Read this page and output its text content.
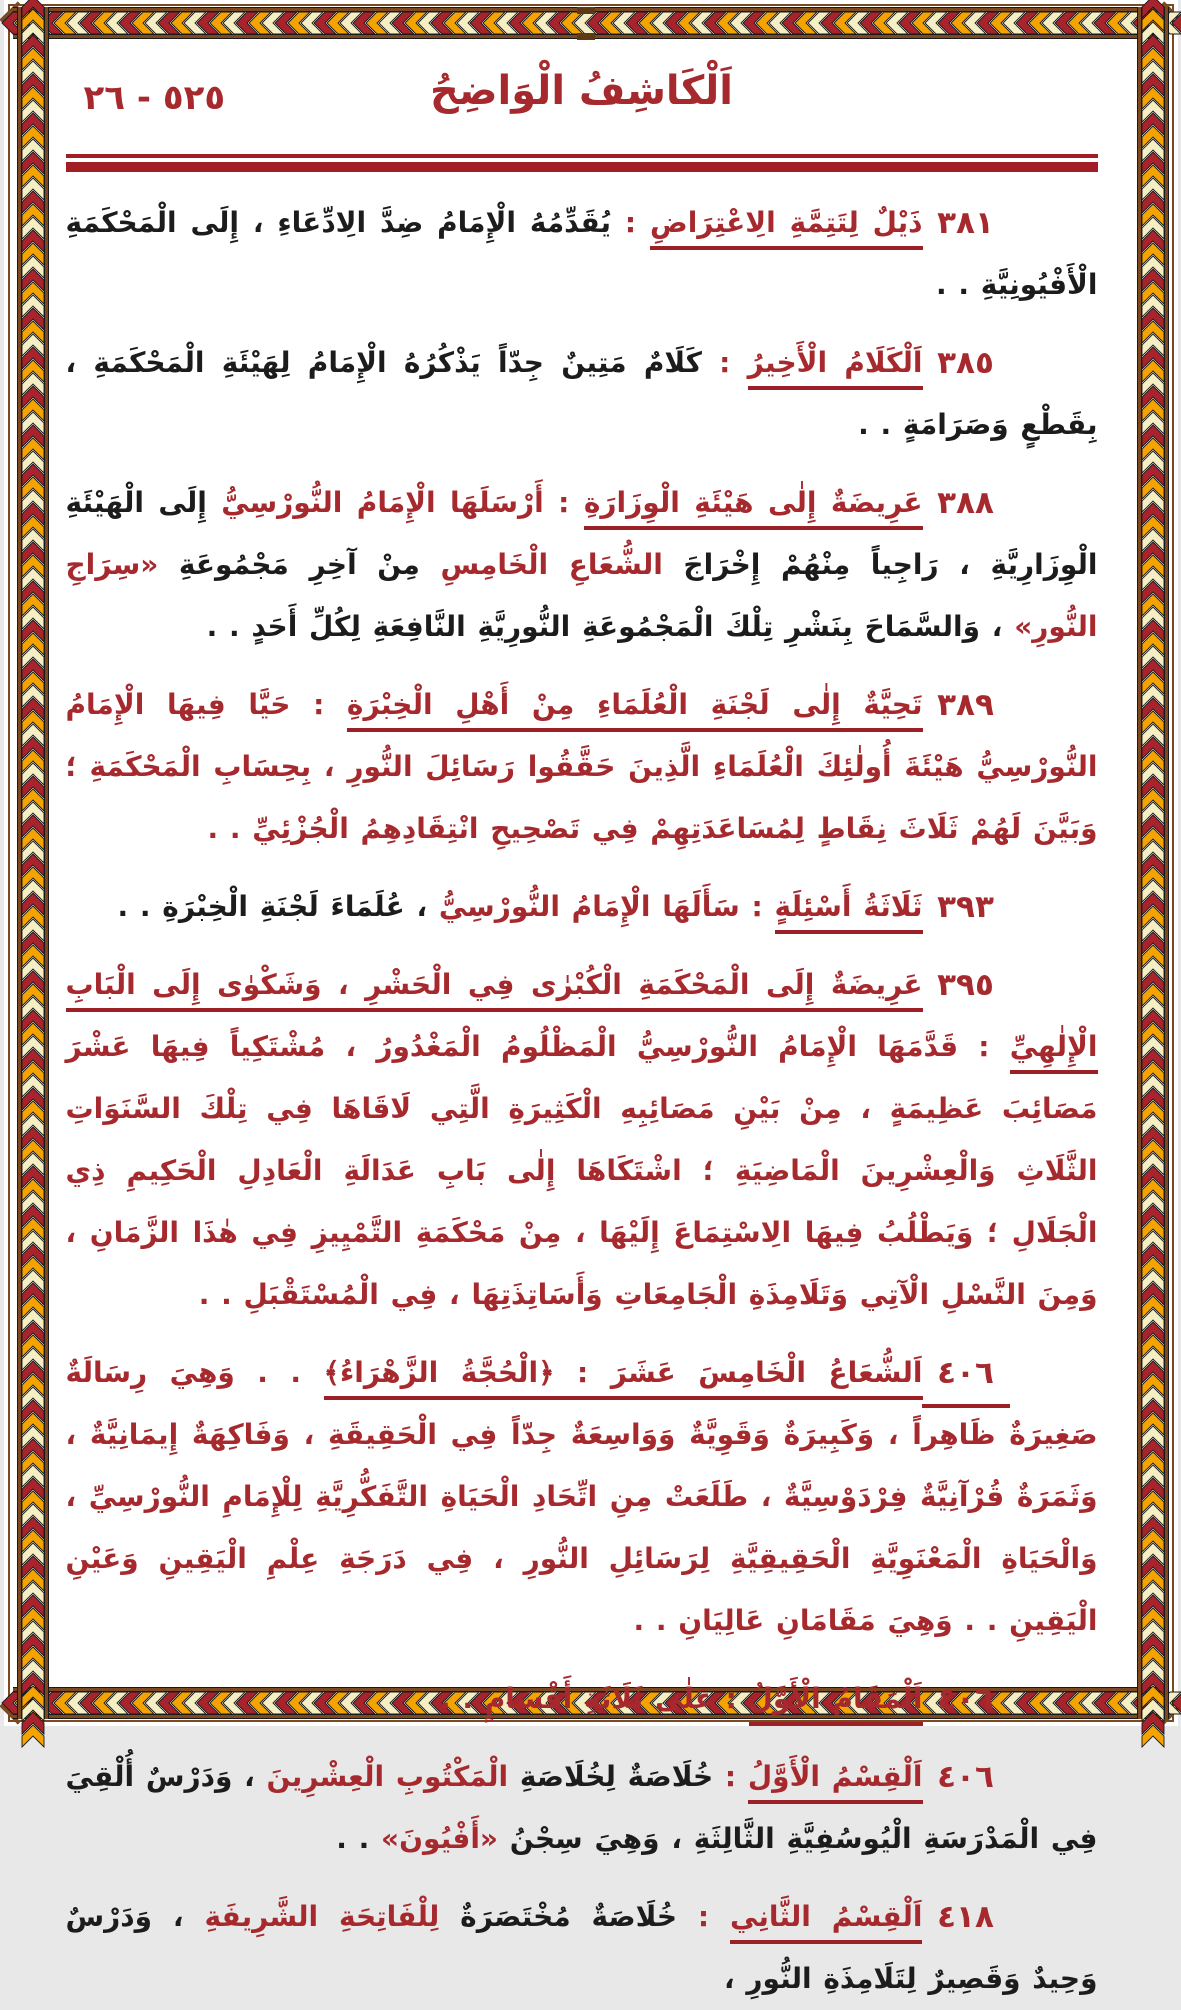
٥٢٥ - ٢٦	اَلْكَاشِفُ الْوَاضِحُ
٣٨١
ذَيْلٌ لِتَتِمَّةِ الِاعْتِرَاضِ : يُقَدِّمُهُ الْإِمَامُ ضِدَّ الِادِّعَاءِ ، إِلَى الْمَحْكَمَةِ الْأَفْيُونِيَّةِ . .
٣٨٥
اَلْكَلَامُ الْأَخِيرُ : كَلَامٌ مَتِينٌ جِدّاً يَذْكُرُهُ الْإِمَامُ لِهَيْئَةِ الْمَحْكَمَةِ ، بِقَطْعٍ وَصَرَامَةٍ . .
٣٨٨
عَرِيضَةٌ إِلٰى هَيْئَةِ الْوِزَارَةِ : أَرْسَلَهَا الْإِمَامُ النُّورْسِيُّ إِلَى الْهَيْئَةِ الْوِزَارِيَّةِ ، رَاجِياً مِنْهُمْ إِخْرَاجَ الشُّعَاعِ الْخَامِسِ مِنْ آخِرِ مَجْمُوعَةِ «سِرَاجِ النُّورِ» ، وَالسَّمَاحَ بِنَشْرِ تِلْكَ الْمَجْمُوعَةِ النُّورِيَّةِ النَّافِعَةِ لِكُلِّ أَحَدٍ . .
٣٨٩
تَحِيَّةٌ إِلٰى لَجْنَةِ الْعُلَمَاءِ مِنْ أَهْلِ الْخِبْرَةِ : حَيَّا فِيهَا الْإِمَامُ النُّورْسِيُّ هَيْئَةَ أُولٰئِكَ الْعُلَمَاءِ الَّذِينَ حَقَّقُوا رَسَائِلَ النُّورِ ، بِحِسَابِ الْمَحْكَمَةِ ؛ وَبَيَّنَ لَهُمْ ثَلَاثَ نِقَاطٍ لِمُسَاعَدَتِهِمْ فِي تَصْحِيحِ انْتِقَادِهِمُ الْجُزْئِيِّ . .
٣٩٣
ثَلَاثَةُ أَسْئِلَةٍ : سَأَلَهَا الْإِمَامُ النُّورْسِيُّ ، عُلَمَاءَ لَجْنَةِ الْخِبْرَةِ . .
٣٩٥
عَرِيضَةٌ إِلَى الْمَحْكَمَةِ الْكُبْرٰى فِي الْحَشْرِ ، وَشَكْوٰى إِلَى الْبَابِ الْإِلٰهِيِّ : قَدَّمَهَا الْإِمَامُ النُّورْسِيُّ الْمَظْلُومُ الْمَغْدُورُ ، مُشْتَكِياً فِيهَا عَشْرَ مَصَائِبَ عَظِيمَةٍ ، مِنْ بَيْنِ مَصَائِبِهِ الْكَثِيرَةِ الَّتِي لَاقَاهَا فِي تِلْكَ السَّنَوَاتِ الثَّلَاثِ وَالْعِشْرِينَ الْمَاضِيَةِ ؛ اشْتَكَاهَا إِلٰى بَابِ عَدَالَةِ الْعَادِلِ الْحَكِيمِ ذِي الْجَلَالِ ؛ وَيَطْلُبُ فِيهَا الِاسْتِمَاعَ إِلَيْهَا ، مِنْ مَحْكَمَةِ التَّمْيِيزِ فِي هٰذَا الزَّمَانِ ، وَمِنَ النَّسْلِ الْآتِي وَتَلَامِذَةِ الْجَامِعَاتِ وَأَسَاتِذَتِهَا ، فِي الْمُسْتَقْبَلِ . .
٤٠٦
اَلشُّعَاعُ الْخَامِسَ عَشَرَ : ﴿الْحُجَّةُ الزَّهْرَاءُ﴾ . . وَهِيَ رِسَالَةٌ صَغِيرَةٌ ظَاهِراً ، وَكَبِيرَةٌ وَقَوِيَّةٌ وَوَاسِعَةٌ جِدّاً فِي الْحَقِيقَةِ ، وَفَاكِهَةٌ إِيمَانِيَّةٌ ، وَثَمَرَةٌ قُرْآنِيَّةٌ فِرْدَوْسِيَّةٌ ، طَلَعَتْ مِنِ اتِّحَادِ الْحَيَاةِ التَّفَكُّرِيَّةِ لِلْإِمَامِ النُّورْسِيِّ ، وَالْحَيَاةِ الْمَعْنَوِيَّةِ الْحَقِيقِيَّةِ لِرَسَائِلِ النُّورِ ، فِي دَرَجَةِ عِلْمِ الْيَقِينِ وَعَيْنِ الْيَقِينِ . . وَهِيَ مَقَامَانِ عَالِيَانِ . .
٤٠٦
اَلْمَقَامُ الْأَوَّلُ : عَلٰى ثَلَاثَةِ أَقْسَامٍ . .
٤٠٦
اَلْقِسْمُ الْأَوَّلُ : خُلَاصَةٌ لِخُلَاصَةِ الْمَكْتُوبِ الْعِشْرِينَ ، وَدَرْسٌ أُلْقِيَ فِي الْمَدْرَسَةِ الْيُوسُفِيَّةِ الثَّالِثَةِ ، وَهِيَ سِجْنُ «أَفْيُونَ» . .
٤١٨
اَلْقِسْمُ الثَّانِي : خُلَاصَةٌ مُخْتَصَرَةٌ لِلْفَاتِحَةِ الشَّرِيفَةِ ، وَدَرْسٌ وَحِيدٌ وَقَصِيرٌ لِتَلَامِذَةِ النُّورِ ،
